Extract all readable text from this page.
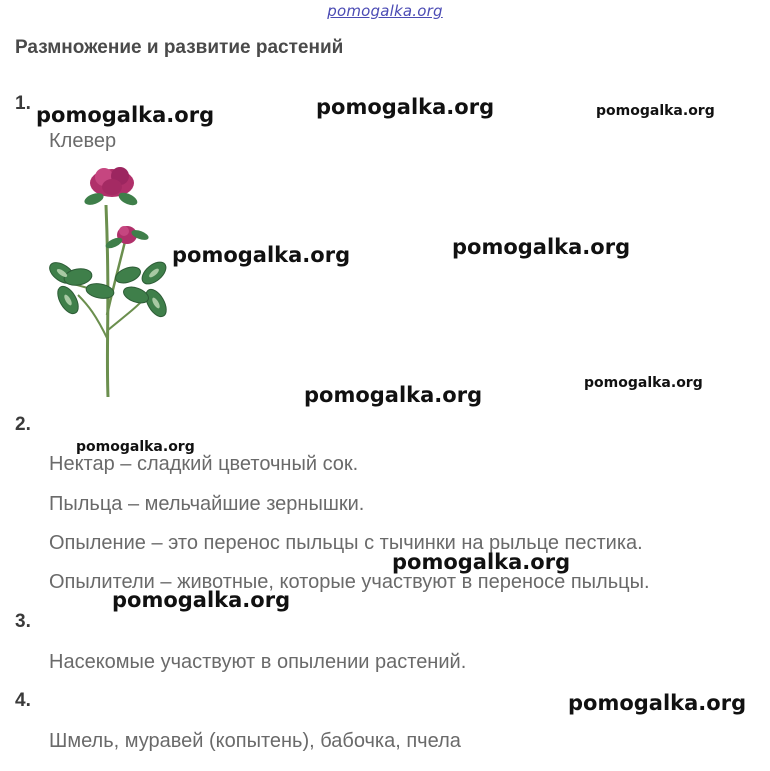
pomogalka.org
Размножение и развитие растений
1.
Клевер
2.
Нектар – сладкий цветочный сок.
Пыльца – мельчайшие зернышки.
Опыление – это перенос пыльцы с тычинки на рыльце пестика.
Опылители – животные, которые участвуют в переносе пыльцы.
3.
Насекомые участвуют в опылении растений.
4.
Шмель, муравей (копытень), бабочка, пчела
pomogalka.org	pomogalka.org	pomogalka.org
pomogalka.org	pomogalka.org
pomogalka.org	pomogalka.org
pomogalka.org
pomogalka.org
pomogalka.org
pomogalka.org
